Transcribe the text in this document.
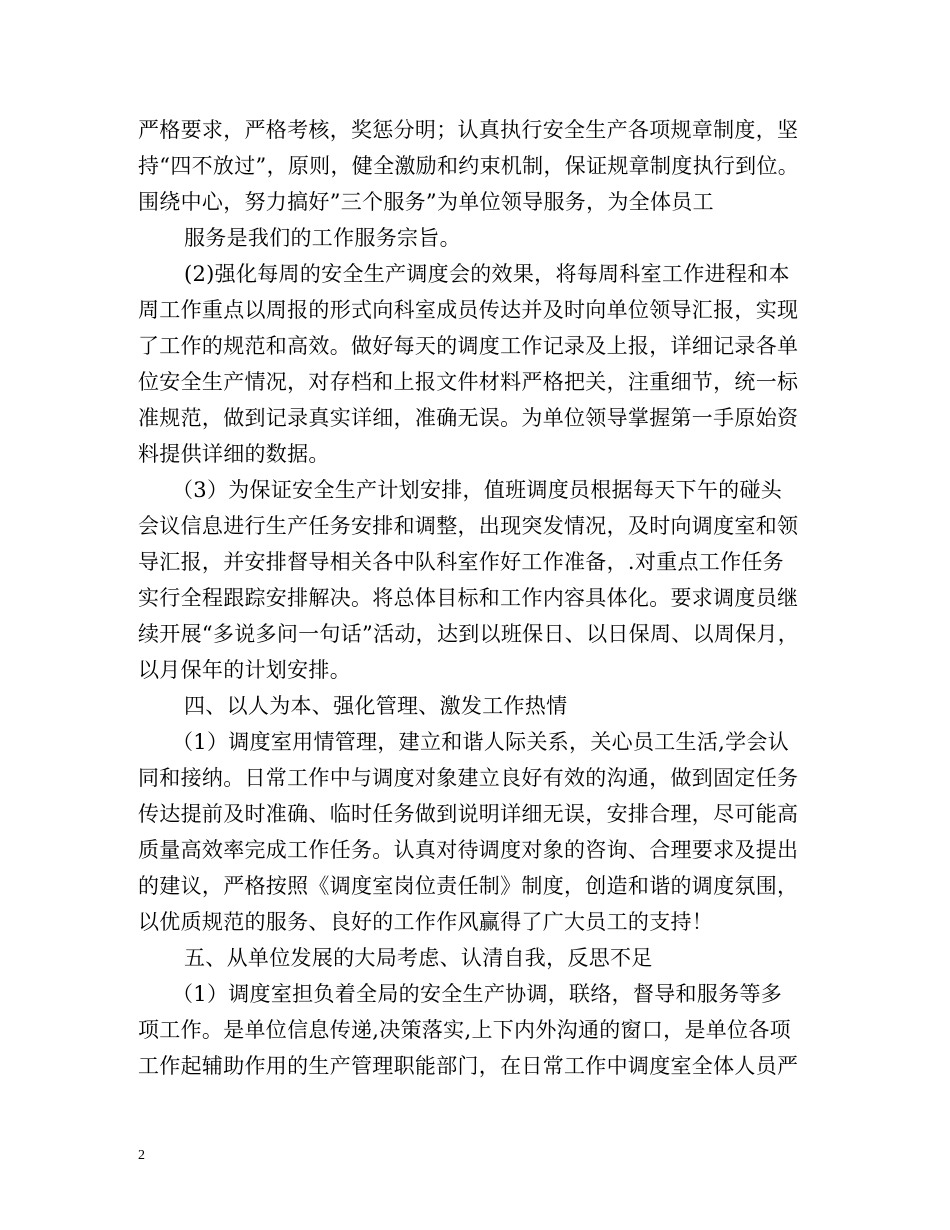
严格要求，严格考核，奖惩分明；认真执行安全生产各项规章制度，坚
持“四不放过”，原则，健全激励和约束机制，保证规章制度执行到位。
围绕中心，努力搞好”三个服务”为单位领导服务，为全体员工
服务是我们的工作服务宗旨。
(2)强化每周的安全生产调度会的效果，将每周科室工作进程和本
周工作重点以周报的形式向科室成员传达并及时向单位领导汇报，实现
了工作的规范和高效。做好每天的调度工作记录及上报，详细记录各单
位安全生产情况，对存档和上报文件材料严格把关，注重细节，统一标
准规范，做到记录真实详细，准确无误。为单位领导掌握第一手原始资
料提供详细的数据。
（3）为保证安全生产计划安排，值班调度员根据每天下午的碰头
会议信息进行生产任务安排和调整，出现突发情况，及时向调度室和领
导汇报，并安排督导相关各中队科室作好工作准备，.对重点工作任务
实行全程跟踪安排解决。将总体目标和工作内容具体化。要求调度员继
续开展“多说多问一句话”活动，达到以班保日、以日保周、以周保月，
以月保年的计划安排。
四、以人为本、强化管理、激发工作热情
（1）调度室用情管理，建立和谐人际关系，关心员工生活,学会认
同和接纳。日常工作中与调度对象建立良好有效的沟通，做到固定任务
传达提前及时准确、临时任务做到说明详细无误，安排合理，尽可能高
质量高效率完成工作任务。认真对待调度对象的咨询、合理要求及提出
的建议，严格按照《调度室岗位责任制》制度，创造和谐的调度氛围，
以优质规范的服务、良好的工作作风赢得了广大员工的支持！
五、从单位发展的大局考虑、认清自我，反思不足
（1）调度室担负着全局的安全生产协调，联络，督导和服务等多
项工作。是单位信息传递,决策落实,上下内外沟通的窗口，是单位各项
工作起辅助作用的生产管理职能部门，在日常工作中调度室全体人员严
2
